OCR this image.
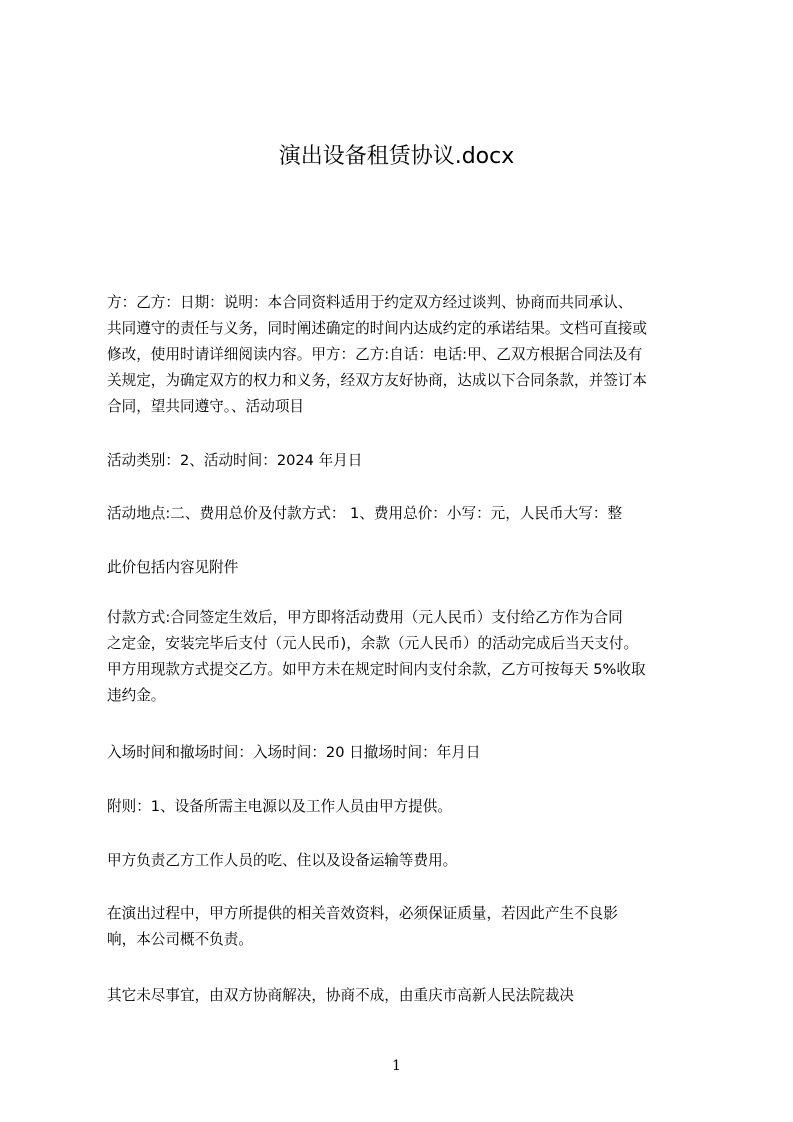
演出设备租赁协议.docx

方：乙方：日期：说明：本合同资料适用于约定双方经过谈判、协商而共同承认、
共同遵守的责任与义务，同时阐述确定的时间内达成约定的承诺结果。文档可直接或
修改，使用时请详细阅读内容。甲方：乙方:自话：电话:甲、乙双方根据合同法及有
关规定，为确定双方的权力和义务，经双方友好协商，达成以下合同条款，并签订本
合同，望共同遵守。、活动项目

活动类别：2、活动时间：2024 年月日

活动地点:二、费用总价及付款方式： 1、费用总价：小写：元，人民币大写：整

此价包括内容见附件

付款方式:合同签定生效后，甲方即将活动费用（元人民币）支付给乙方作为合同
之定金，安装完毕后支付（元人民币)，余款（元人民币）的活动完成后当天支付。
甲方用现款方式提交乙方。如甲方未在规定时间内支付余款，乙方可按每天 5%收取
违约金。

入场时间和撤场时间：入场时间：20 日撤场时间：年月日

附则：1、设备所需主电源以及工作人员由甲方提供。

甲方负责乙方工作人员的吃、住以及设备运输等费用。

在演出过程中，甲方所提供的相关音效资料，必须保证质量，若因此产生不良影
响，本公司概不负责。

其它未尽事宜，由双方协商解决，协商不成，由重庆市高新人民法院裁决

1
